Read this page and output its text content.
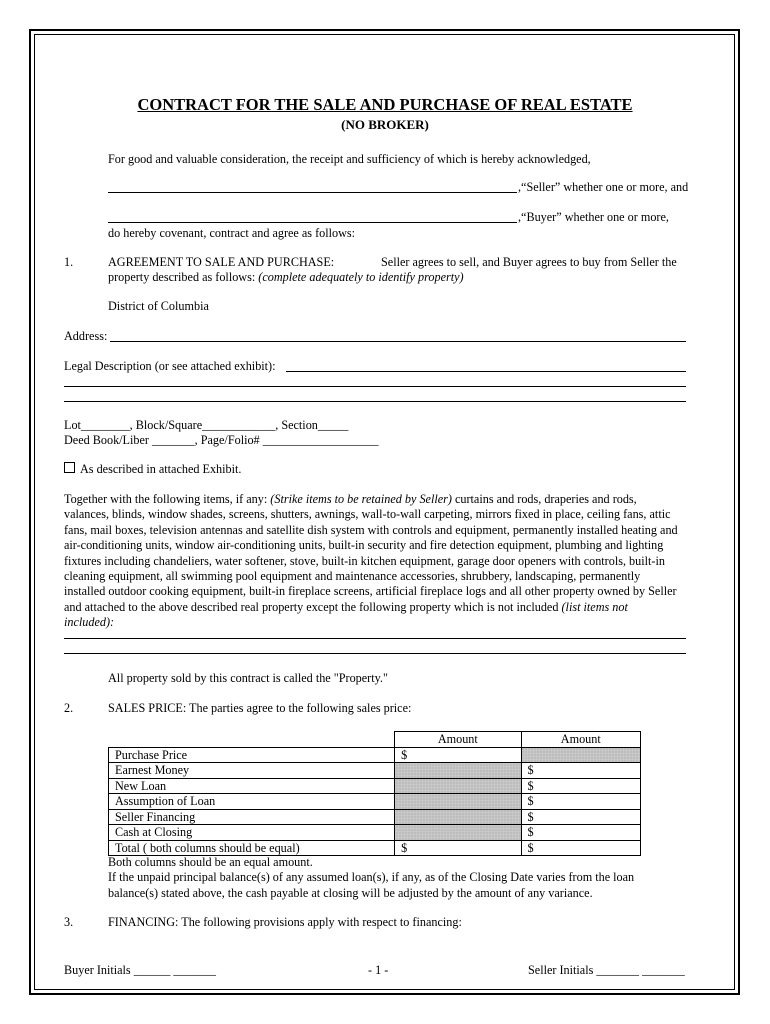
CONTRACT FOR THE SALE AND PURCHASE OF REAL ESTATE
(NO BROKER)
For good and valuable consideration, the receipt and sufficiency of which is hereby acknowledged,
,“Seller” whether one or more, and
,“Buyer” whether one or more,
do hereby covenant, contract and agree as follows:
1.	AGREEMENT TO SALE AND PURCHASE:	Seller agrees to sell, and Buyer agrees to buy from Seller the
property described as follows: (complete adequately to identify property)
District of Columbia
Address:
Legal Description (or see attached exhibit):
Lot________, Block/Square____________, Section_____
Deed Book/Liber _______, Page/Folio# ___________________
As described in attached Exhibit.
Together with the following items, if any: (Strike items to be retained by Seller) curtains and rods, draperies and rods,
valances, blinds, window shades, screens, shutters, awnings, wall-to-wall carpeting, mirrors fixed in place, ceiling fans, attic
fans, mail boxes, television antennas and satellite dish system with controls and equipment, permanently installed heating and
air-conditioning units, window air-conditioning units, built-in security and fire detection equipment, plumbing and lighting
fixtures including chandeliers, water softener, stove, built-in kitchen equipment, garage door openers with controls, built-in
cleaning equipment, all swimming pool equipment and maintenance accessories, shrubbery, landscaping, permanently
installed outdoor cooking equipment, built-in fireplace screens, artificial fireplace logs and all other property owned by Seller
and attached to the above described real property except the following property which is not included (list items not
included):
All property sold by this contract is called the "Property."
2.	SALES PRICE: The parties agree to the following sales price:
	Amount	Amount
Purchase Price	$	
Earnest Money		$
New Loan		$
Assumption of Loan		$
Seller Financing		$
Cash at Closing		$
Total ( both columns should be equal)	$	$
Both columns should be an equal amount.
If the unpaid principal balance(s) of any assumed loan(s), if any, as of the Closing Date varies from the loan
balance(s) stated above, the cash payable at closing will be adjusted by the amount of any variance.
3.	FINANCING: The following provisions apply with respect to financing:
Buyer Initials ______ _______	- 1 -	Seller Initials _______ _______
